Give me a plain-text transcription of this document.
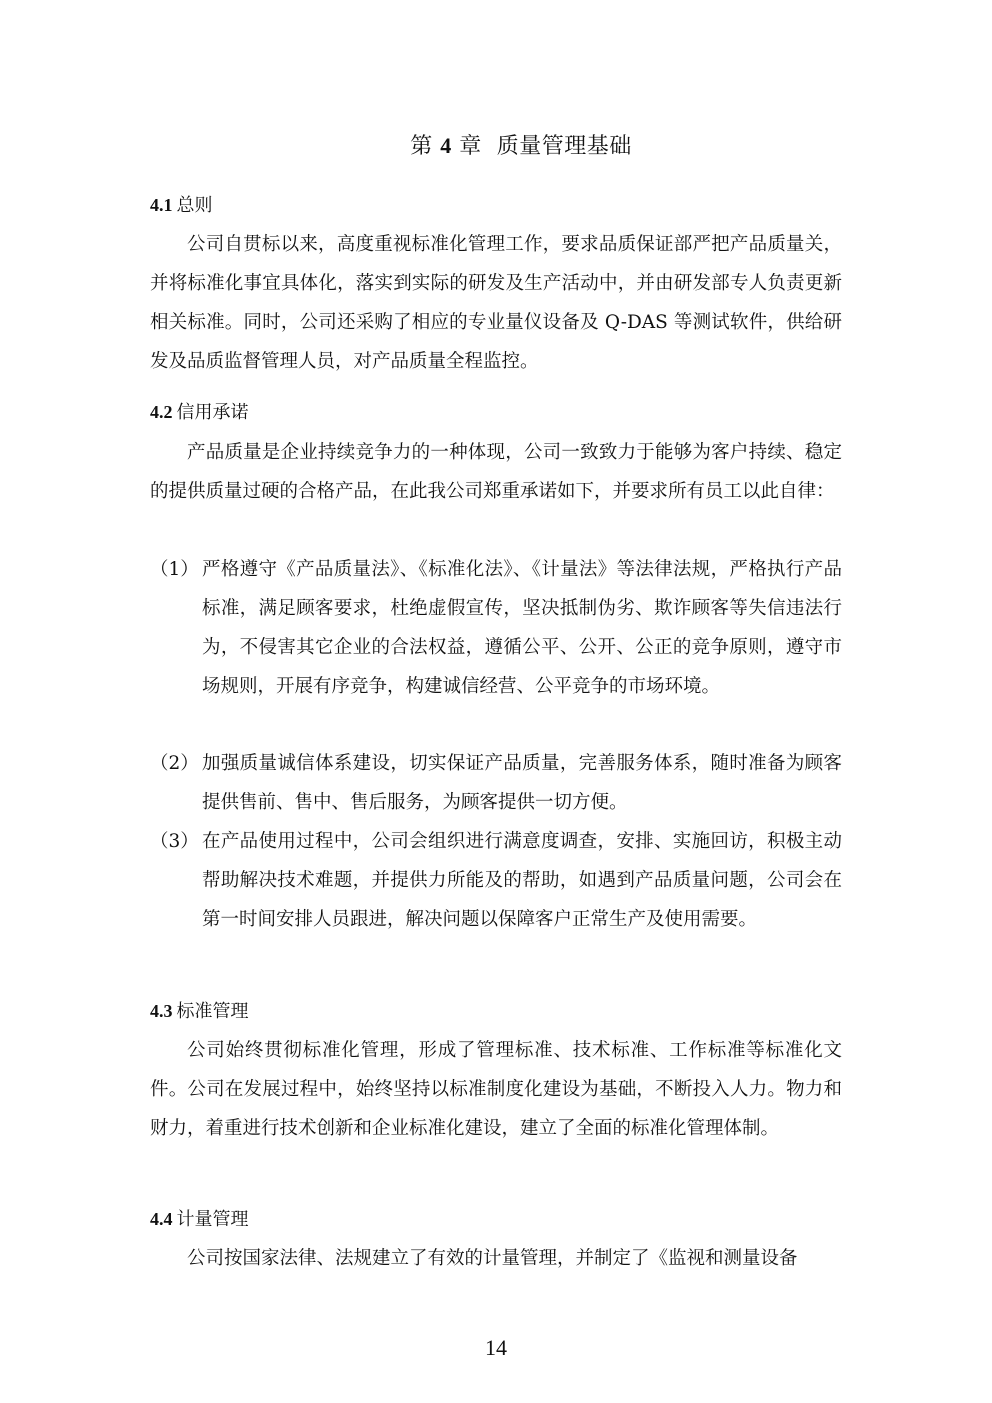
第 4 章 质量管理基础
4.1 总则
公司自贯标以来，高度重视标准化管理工作，要求品质保证部严把产品质量关，并将标准化事宜具体化，落实到实际的研发及生产活动中，并由研发部专人负责更新相关标准。同时，公司还采购了相应的专业量仪设备及 Q-DAS 等测试软件，供给研发及品质监督管理人员，对产品质量全程监控。
4.2 信用承诺
产品质量是企业持续竞争力的一种体现，公司一致致力于能够为客户持续、稳定的提供质量过硬的合格产品，在此我公司郑重承诺如下，并要求所有员工以此自律：
（1） 严格遵守《产品质量法》、《标准化法》、《计量法》等法律法规，严格执行产品标准，满足顾客要求，杜绝虚假宣传，坚决抵制伪劣、欺诈顾客等失信违法行为，不侵害其它企业的合法权益，遵循公平、公开、公正的竞争原则，遵守市场规则，开展有序竞争，构建诚信经营、公平竞争的市场环境。
（2） 加强质量诚信体系建设，切实保证产品质量，完善服务体系，随时准备为顾客提供售前、售中、售后服务，为顾客提供一切方便。
（3） 在产品使用过程中，公司会组织进行满意度调查，安排、实施回访，积极主动帮助解决技术难题，并提供力所能及的帮助，如遇到产品质量问题，公司会在第一时间安排人员跟进，解决问题以保障客户正常生产及使用需要。
4.3 标准管理
公司始终贯彻标准化管理，形成了管理标准、技术标准、工作标准等标准化文件。公司在发展过程中，始终坚持以标准制度化建设为基础，不断投入人力。物力和财力，着重进行技术创新和企业标准化建设，建立了全面的标准化管理体制。
4.4 计量管理
公司按国家法律、法规建立了有效的计量管理，并制定了《监视和测量设备
14
